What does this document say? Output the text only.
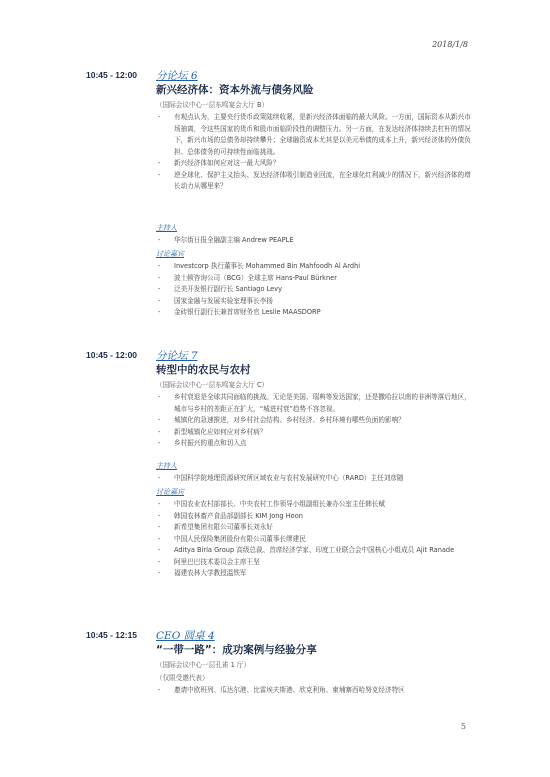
2018/1/8
10:45 - 12:00 分论坛 6
新兴经济体：资本外流与债务风险
（国际会议中心一层东鸣宴会大厅 B）
- 有观点认为，主要央行货币政策陆续收紧，是新兴经济体面临的最大风险。一方面，国际资本从新兴市场抽离，令这些国家的货币和股市面临阶段性的调整压力。另一方面，在发达经济体持续去杠杆的情况下，新兴市场的总债务却持续攀升；全球融资成本尤其是以美元举债的成本上升，新兴经济体的外债负担、总体债务的可持续性面临挑战。
- 新兴经济体如何应对这一最大风险？
- 逆全球化、保护主义抬头、发达经济体吸引制造业回流，在全球化红利减少的情况下，新兴经济体的增长动力从哪里来？
主持人
- 华尔街日报全融副主编 Andrew PEAPLE
讨论嘉宾
- Investcorp 执行董事长 Mohammed Bin Mahfoodh Al Ardhi
- 波士顿咨询公司（BCG）全球主席 Hans-Paul Bürkner
- 泛美开发银行副行长 Santiago Levy
- 国家金融与发展实验室理事长李扬
- 金砖银行副行长兼首席财务官 Leslie MAASDORP
10:45 - 12:00 分论坛 7
转型中的农民与农村
（国际会议中心一层东鸣宴会大厅 C）
- 乡村衰退是全球共同面临的挑战。无论是美国、瑞典等发达国家，还是撒哈拉以南的非洲等落后地区，城市与乡村的差距正在扩大，“城进村衰”趋势不容忽视。
- 城镇化的急速推进，对乡村社会结构、乡村经济、乡村环境有哪些负面的影响？
- 新型城镇化应如何应对乡村病？
- 乡村振兴的重点和切入点
主持人
- 中国科学院地理资源研究所区域农业与农村发展研究中心（RARD）主任刘彦随
讨论嘉宾
- 中国农业农村部部长、中央农村工作领导小组副组长兼办公室主任韩长赋
- 韩国农林畜产食品部副部长 KIM Jong Hoon
- 新希望集团有限公司董事长刘永好
- 中国人民保险集团股份有限公司董事长缪建民
- Aditya Birla Group 高级总裁、首席经济学家、印度工业联合会中国核心小组成员 Ajit Ranade
- 阿里巴巴技术委员会主席王坚
- 福建农林大学教授温铁军
10:45 - 12:15 CEO 圆桌 4
“一带一路”：成功案例与经验分享
（国际会议中心一层孔雀 1 厅）
（仅限受邀代表）
- 邀请中欧班列、瓜达尔港、比雷埃夫斯港、欣克利角、柬埔寨西哈努克经济特区
5
